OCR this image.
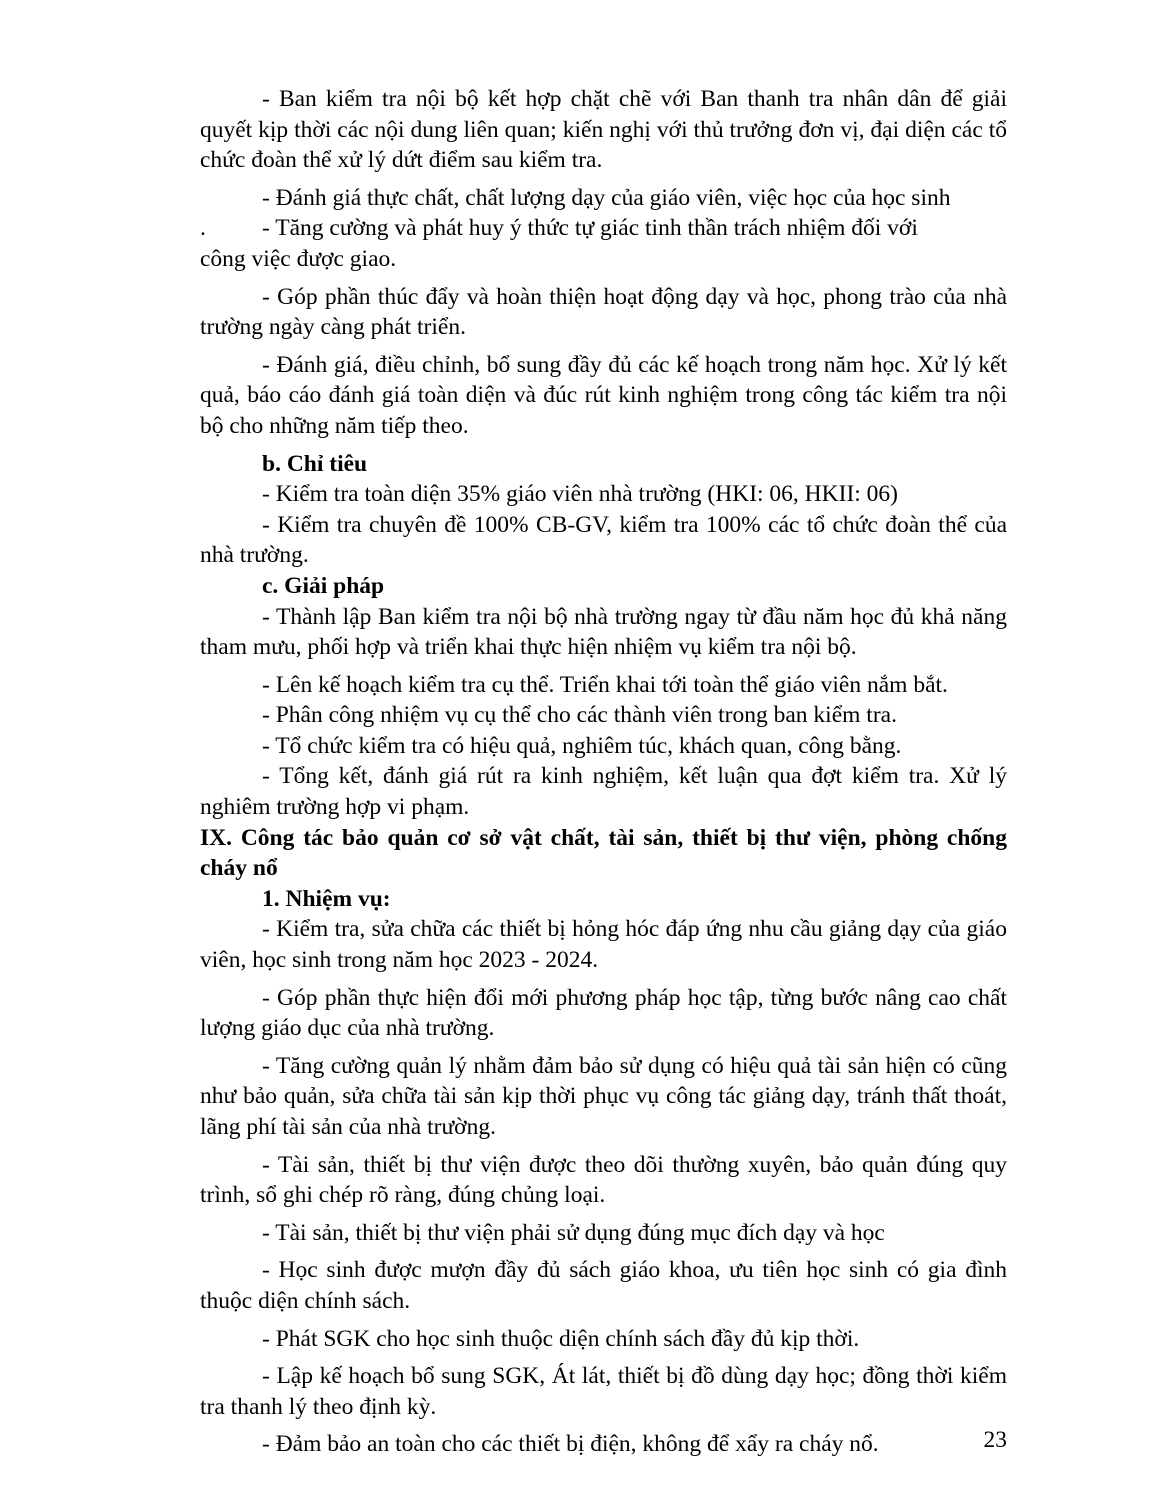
- Ban kiểm tra nội bộ kết hợp chặt chẽ với Ban thanh tra nhân dân để giải quyết kịp thời các nội dung liên quan; kiến nghị với thủ trưởng đơn vị, đại diện các tổ chức đoàn thể xử lý dứt điểm sau kiểm tra.

- Đánh giá thực chất, chất lượng dạy của giáo viên, việc học của học sinh

.	- Tăng cường và phát huy ý thức tự giác tinh thần trách nhiệm đối với

công việc được giao.

- Góp phần thúc đẩy và hoàn thiện hoạt động dạy và học, phong trào của nhà trường ngày càng phát triển.

- Đánh giá, điều chỉnh, bổ sung đầy đủ các kế hoạch trong năm học. Xử lý kết quả, báo cáo đánh giá toàn diện và đúc rút kinh nghiệm trong công tác kiểm tra nội bộ cho những năm tiếp theo.

b. Chỉ tiêu

- Kiểm tra toàn diện 35% giáo viên nhà trường (HKI: 06, HKII: 06)

- Kiểm tra chuyên đề 100% CB-GV, kiểm tra 100% các tổ chức đoàn thể của nhà trường.

c. Giải pháp

- Thành lập Ban kiểm tra nội bộ nhà trường ngay từ đầu năm học đủ khả năng tham mưu, phối hợp và triển khai thực hiện nhiệm vụ kiểm tra nội bộ.

- Lên kế hoạch kiểm tra cụ thể. Triển khai tới toàn thể giáo viên nắm bắt.

- Phân công nhiệm vụ cụ thể cho các thành viên trong ban kiểm tra.

- Tổ chức kiểm tra có hiệu quả, nghiêm túc, khách quan, công bằng.

- Tổng kết, đánh giá rút ra kinh nghiệm, kết luận qua đợt kiểm tra. Xử lý nghiêm trường hợp vi phạm.

IX. Công tác bảo quản cơ sở vật chất, tài sản, thiết bị thư viện, phòng chống cháy nổ

1. Nhiệm vụ:

- Kiểm tra, sửa chữa các thiết bị hỏng hóc đáp ứng nhu cầu giảng dạy của giáo viên, học sinh trong năm học 2023 - 2024.

- Góp phần thực hiện đổi mới phương pháp học tập, từng bước nâng cao chất lượng giáo dục của nhà trường.

- Tăng cường quản lý nhằm đảm bảo sử dụng có hiệu quả tài sản hiện có cũng như bảo quản, sửa chữa tài sản kịp thời phục vụ công tác giảng dạy, tránh thất thoát, lãng phí tài sản của nhà trường.

- Tài sản, thiết bị thư viện được theo dõi thường xuyên, bảo quản đúng quy trình, sổ ghi chép rõ ràng, đúng chủng loại.

- Tài sản, thiết bị thư viện phải sử dụng đúng mục đích dạy và học

- Học sinh được mượn đầy đủ sách giáo khoa, ưu tiên học sinh có gia đình thuộc diện chính sách.

- Phát SGK cho học sinh thuộc diện chính sách đầy đủ kịp thời.

- Lập kế hoạch bổ sung SGK, Át lát, thiết bị đồ dùng dạy học; đồng thời kiểm tra thanh lý theo định kỳ.

- Đảm bảo an toàn cho các thiết bị điện, không để xẩy ra cháy nổ.	23
